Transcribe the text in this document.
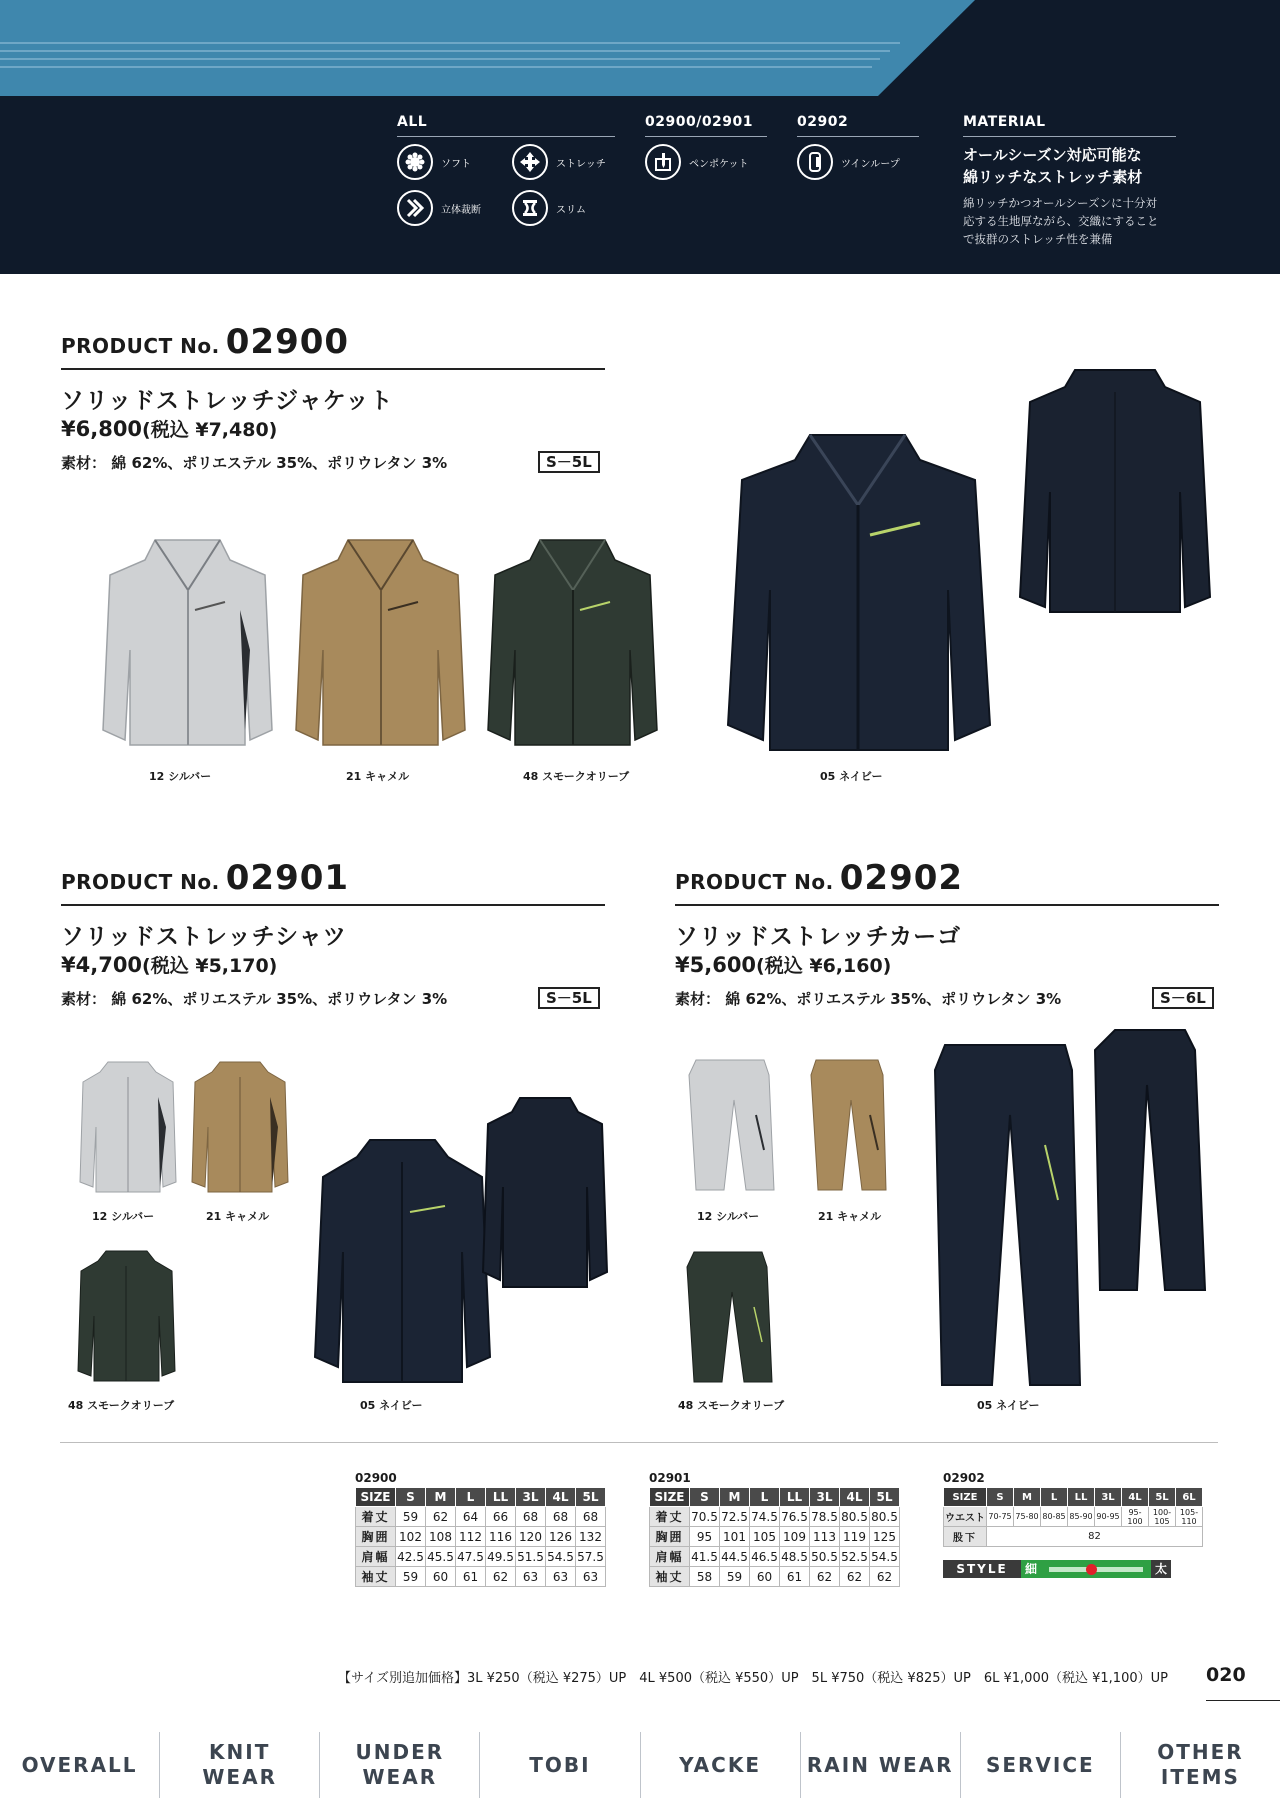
ALL	02900/02901	02902	MATERIAL
ソフト	ストレッチ
立体裁断	スリム
ペンポケット	ツインループ	オールシーズン対応可能な
綿リッチなストレッチ素材
綿リッチかつオールシーズンに十分対
応する生地厚ながら、交織にすること
で抜群のストレッチ性を兼備
PRODUCT No. 02900
ソリッドストレッチジャケット
¥6,800(税込 ¥7,480)
素材： 綿 62%、ポリエステル 35%、ポリウレタン 3%	S－5L
12 シルバー	21 キャメル	48 スモークオリーブ	05 ネイビー
PRODUCT No. 02901
ソリッドストレッチシャツ
¥4,700(税込 ¥5,170)
素材： 綿 62%、ポリエステル 35%、ポリウレタン 3%	S－5L
12 シルバー	21 キャメル
48 スモークオリーブ	05 ネイビー
PRODUCT No. 02902
ソリッドストレッチカーゴ
¥5,600(税込 ¥6,160)
素材： 綿 62%、ポリエステル 35%、ポリウレタン 3%	S－6L
12 シルバー	21 キャメル
48 スモークオリーブ	05 ネイビー
02900
SIZE	S	M	L	LL	3L	4L	5L
着丈	59	62	64	66	68	68	68
胸囲	102	108	112	116	120	126	132
肩幅	42.5	45.5	47.5	49.5	51.5	54.5	57.5
袖丈	59	60	61	62	63	63	63
02901
SIZE	S	M	L	LL	3L	4L	5L
着丈	70.5	72.5	74.5	76.5	78.5	80.5	80.5
胸囲	95	101	105	109	113	119	125
肩幅	41.5	44.5	46.5	48.5	50.5	52.5	54.5
袖丈	58	59	60	61	62	62	62
02902
SIZE	S	M	L	LL	3L	4L	5L	6L
ウエスト	70-75	75-80	80-85	85-90	90-95	95-100	100-105	105-110
股下	82							
STYLE	細	太
【サイズ別追加価格】3L ¥250（税込 ¥275）UP　4L ¥500（税込 ¥550）UP　5L ¥750（税込 ¥825）UP　6L ¥1,000（税込 ¥1,100）UP 020
OVERALL
KNIT
WEAR
UNDER
WEAR
TOBI	YACKE	RAIN WEAR	SERVICE
OTHER
ITEMS
